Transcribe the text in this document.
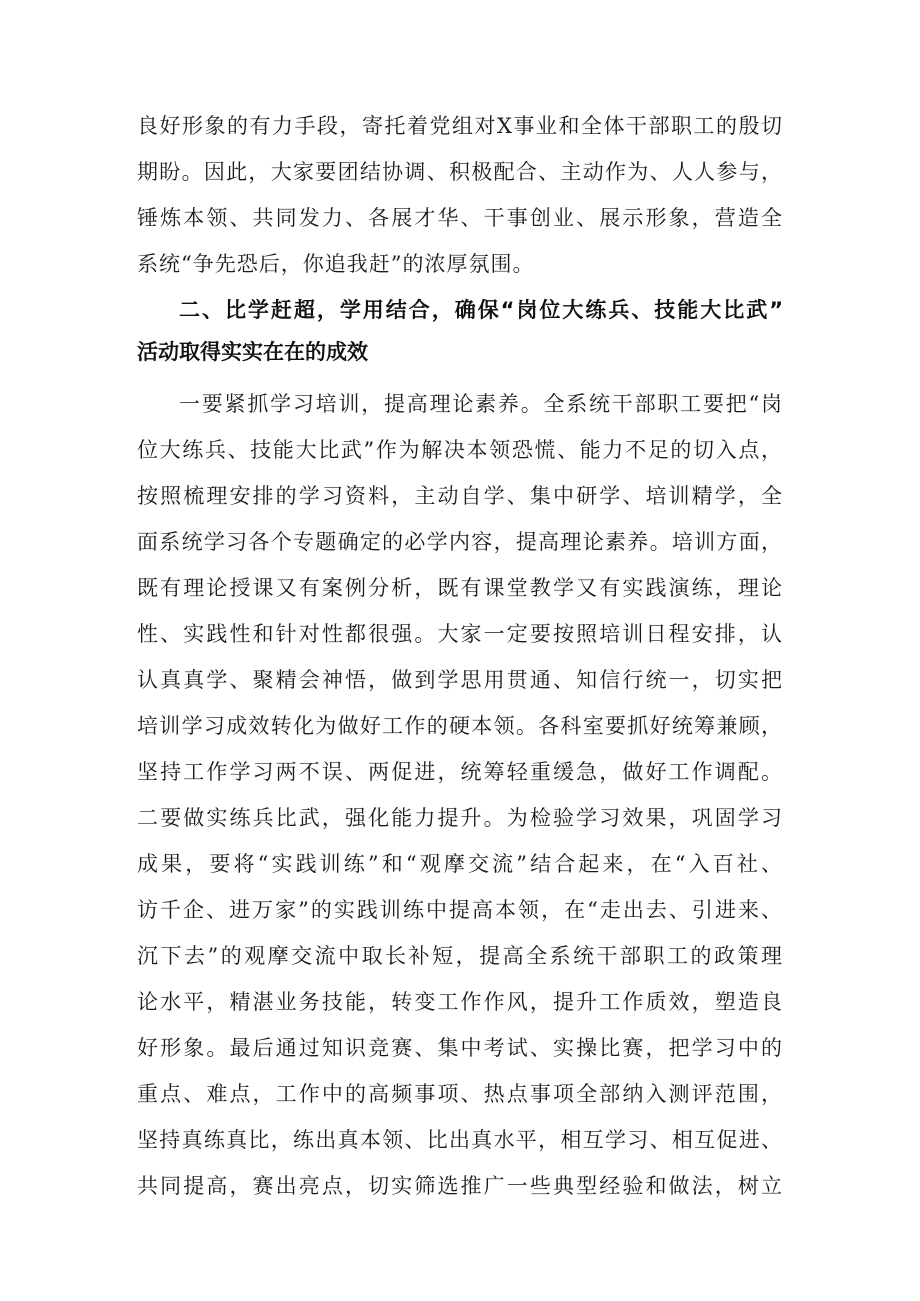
良好形象的有力手段，寄托着党组对X事业和全体干部职工的殷切
期盼。因此，大家要团结协调、积极配合、主动作为、人人参与，
锤炼本领、共同发力、各展才华、干事创业、展示形象，营造全
系统“争先恐后，你追我赶”的浓厚氛围。
二、比学赶超，学用结合，确保“岗位大练兵、技能大比武”
活动取得实实在在的成效
一要紧抓学习培训，提高理论素养。全系统干部职工要把“岗
位大练兵、技能大比武”作为解决本领恐慌、能力不足的切入点，
按照梳理安排的学习资料，主动自学、集中研学、培训精学，全
面系统学习各个专题确定的必学内容，提高理论素养。培训方面，
既有理论授课又有案例分析，既有课堂教学又有实践演练，理论
性、实践性和针对性都很强。大家一定要按照培训日程安排，认
认真真学、聚精会神悟，做到学思用贯通、知信行统一，切实把
培训学习成效转化为做好工作的硬本领。各科室要抓好统筹兼顾，
坚持工作学习两不误、两促进，统筹轻重缓急，做好工作调配。
二要做实练兵比武，强化能力提升。为检验学习效果，巩固学习
成果，要将“实践训练”和“观摩交流”结合起来，在“入百社、
访千企、进万家”的实践训练中提高本领，在“走出去、引进来、
沉下去”的观摩交流中取长补短，提高全系统干部职工的政策理
论水平，精湛业务技能，转变工作作风，提升工作质效，塑造良
好形象。最后通过知识竞赛、集中考试、实操比赛，把学习中的
重点、难点，工作中的高频事项、热点事项全部纳入测评范围，
坚持真练真比，练出真本领、比出真水平，相互学习、相互促进、
共同提高，赛出亮点，切实筛选推广一些典型经验和做法，树立
